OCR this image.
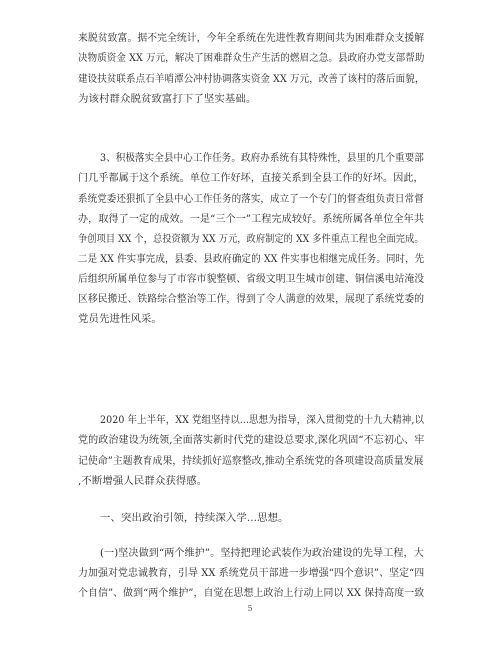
来脱贫致富。据不完全统计，今年全系统在先进性教育期间共为困难群众支援解
决物质资金 XX 万元，解决了困难群众生产生活的燃眉之急。县政府办党支部帮助
建设扶贫联系点石羊哨潭公冲村协调落实资金 XX 万元，改善了该村的落后面貌，
为该村群众脱贫致富打下了坚实基础。
3、积极落实全县中心工作任务。政府办系统有其特殊性，县里的几个重要部
门几乎都属于这个系统。单位工作好坏，直接关系到全县工作的好坏。因此，
系统党委还狠抓了全县中心工作任务的落实，成立了一个专门的督查组负责日常督
办，取得了一定的成效。一是“三个一”工程完成较好。系统所属各单位全年共
争创项目 XX 个，总投资额为 XX 万元，政府制定的 XX 多件重点工程也全面完成。
二是 XX 件实事完成，县委、县政府确定的 XX 件实事也相继完成任务。同时，先
后组织所属单位参与了市容市貌整顿、省级文明卫生城市创建、铜信溪电站淹没
区移民搬迁、铁路综合整治等工作，得到了令人满意的效果，展现了系统党委的
党员先进性风采。
2020 年上半年，XX 党组坚持以...思想为指导，深入贯彻党的十九大精神,以
党的政治建设为统领,全面落实新时代党的建设总要求,深化巩固“不忘初心、牢
记使命”主题教育成果，持续抓好巡察整改,推动全系统党的各项建设高质量发展
,不断增强人民群众获得感。
一、突出政治引领，持续深入学...思想。
(一)坚决做到“两个维护”。坚持把理论武装作为政治建设的先导工程，大
力加强对党忠诚教育，引导 XX 系统党员干部进一步增强“四个意识”、坚定“四
个自信”、做到“两个维护”，自觉在思想上政治上行动上同以 XX 保持高度一致
5
